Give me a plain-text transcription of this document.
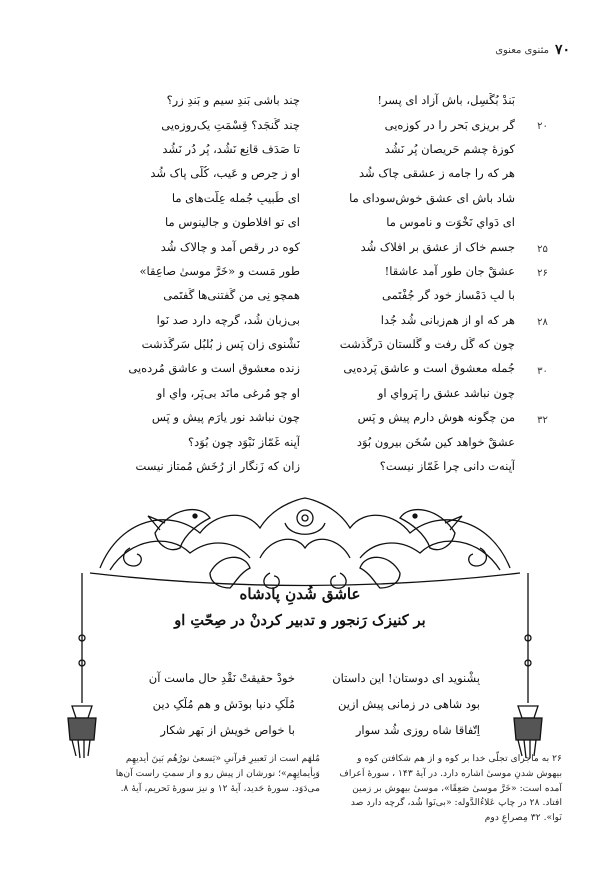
۷۰
مثنوی معنوی
۲۰
۲۵
۲۶
۲۸
۳۰
۳۲
بَندْ بُگْسِل، باش آزاد ای پسر!
چند باشی بَندِ سیم و بَندِ زر؟
گر بریزی بَحر را در کوزه‌یی
چند گُنجَد؟ قِسْمَتِ یک‌روزه‌یی
کوزهٔ چشمِ حَریصان پُر نَشُد
تا صَدَف قانِع نَشُد، پُر دُر نَشُد
هر که را جامه ز عشقی چاک شُد
او ز حِرص و عَیب، کُلّی پاک شُد
شاد باش ای عشقِ خوش‌سودای ما
ای طَبیبِ جُمله عِلّت‌های ما
ای دَوایِ نَخْوَت و ناموسِ ما
ای تو افلاطون و جالینوسِ ما
جسمِ خاک از عشق بر افلاک شُد
کوه در رقص آمد و چالاک شُد
عشقْ جانِ طور آمد عاشقا!
طور مَست و «خَرَّ موسیٰ صاعِقا»
با لبِ دَمْسازِ خود گر جُفْتَمی
همچو نِی من گُفتنی‌ها گُفتَمی
هر که او از هم‌زبانی شُد جُدا
بی‌زبان شُد، گرچه دارد صد نَوا
چون که گُل رفت و گُلستان دَرگُذشت
نَشْنوی زان پَس ز بُلبُل سَرگُذشت
جُمله معشوق است و عاشق پَرده‌یی
زنده معشوق است و عاشق مُرده‌یی
چون نباشد عشق را پَروایِ او
او چو مُرغی مانَد بی‌پَر، وایِ او
من چگونه هوش دارم پیش و پَس
چون نباشد نورِ یارَم پیش و پَس
عشقْ خواهد کین سُخَن بیرون بُوَد
آیِنه غَمّاز نَبْوَد چون بُوَد؟
آیِنه‌ت دانی چرا غَمّاز نیست؟
زان که زَنگار از رُخَش مُمتاز نیست
عاشق شُدنِ پادشاه
بر کنیزک رَنجور و تدبیر کردنْ در صِحّتِ او
بِشْنوید ای دوستان! این داستان
خودْ حقیقتْ نَقْدِ حالِ ماست آن
بود شاهی در زمانی پیش ازین
مُلْکِ دنیا بودَش و هم مُلْکِ دین
اِتّفاقا شاه روزی شُد سوار
با خواصِ خویش از بَهرِ شکار

۲۶ به ماجرای تجلّی خدا بر کوه و از هم شکافتن کوه و بیهوش شدنِ موسیٰ اشاره دارد. در آیهٔ ۱۴۳ ، سورهٔ اَعراف آمده است: «خَرَّ موسیٰ صَعِقًا»، موسیٰ بیهوش بر زمین افتاد. ۲۸ در چاپ عَلاءُالدَّوله: «بی‌نَوا شُد، گرچه دارد صد نَوا». ۳۲ مِصراعِ دوم

مُلهَم است از تَعبیرِ قرآنیِ «یَسعیٰ نورُهُم بَینَ أیدیهِم وَبِأیمانِهِم»؛ نورشان از پیش رو و از سمتِ راست آن‌ها می‌دَوَد. سورهٔ حَدید، آیهٔ ۱۲ و نیز سورهٔ تَحریم، آیهٔ ۸.
